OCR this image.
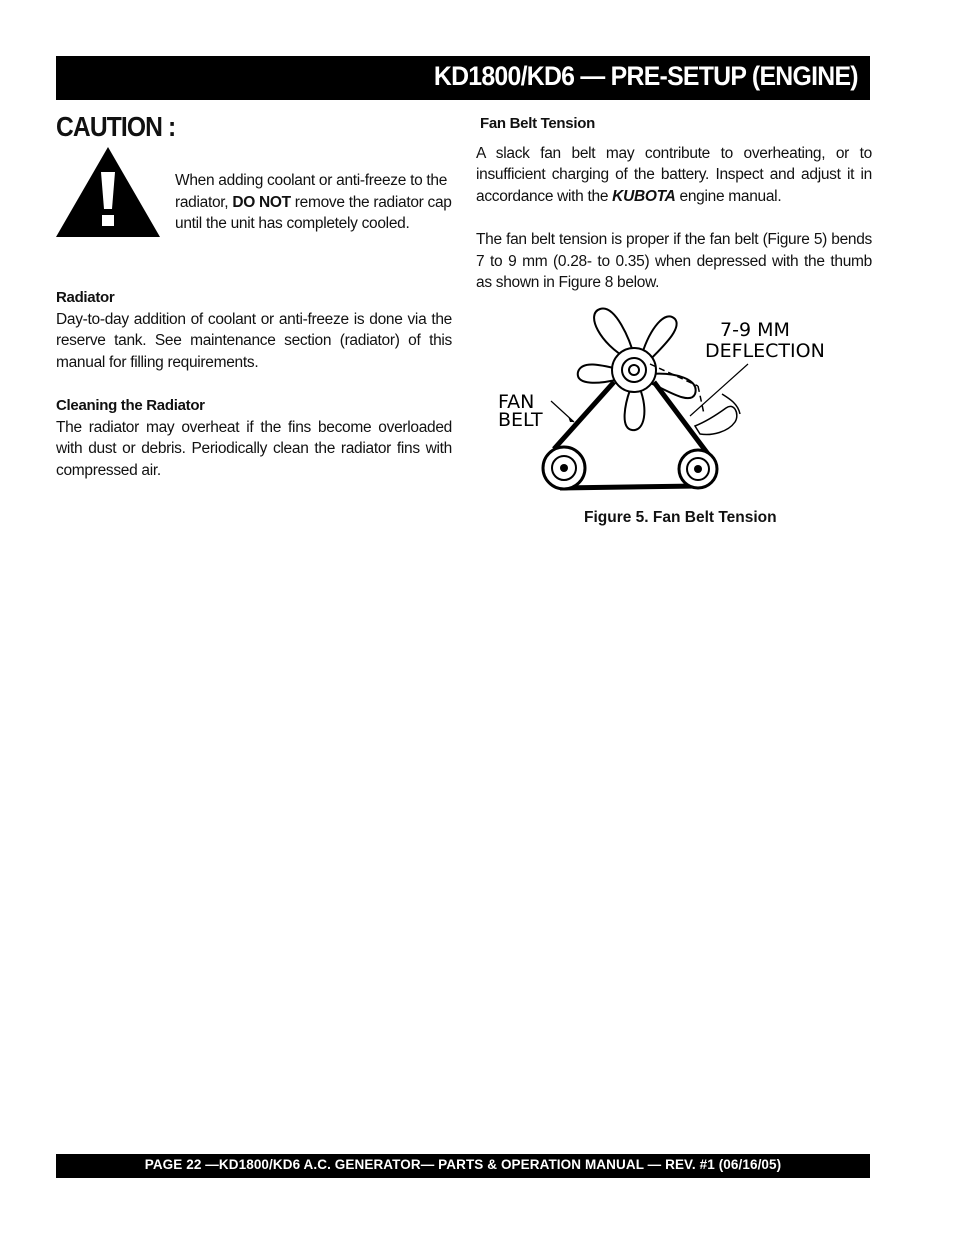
KD1800/KD6 — PRE-SETUP (ENGINE)
CAUTION :
When adding coolant or anti-freeze to the radiator, DO NOT remove the radiator cap until the unit has completely cooled.

Radiator

Day-to-day addition of coolant or anti-freeze is done via the reserve tank. See maintenance section (radiator) of this manual for filling requirements.

Cleaning the Radiator

The radiator may overheat if the fins become overloaded with dust or debris. Periodically clean the radiator fins with compressed air.

Fan Belt Tension

A slack fan belt may contribute to overheating, or to insufficient charging of the battery. Inspect and adjust it in accordance with the KUBOTA engine manual.

The fan belt tension is proper if the fan belt (Figure 5) bends 7 to 9 mm (0.28- to 0.35) when depressed with the thumb as shown in Figure 8 below.

7-9 MM
DEFLECTION
FAN
BELT
Figure 5. Fan Belt Tension
PAGE 22 —KD1800/KD6 A.C. GENERATOR— PARTS & OPERATION MANUAL — REV. #1 (06/16/05)
